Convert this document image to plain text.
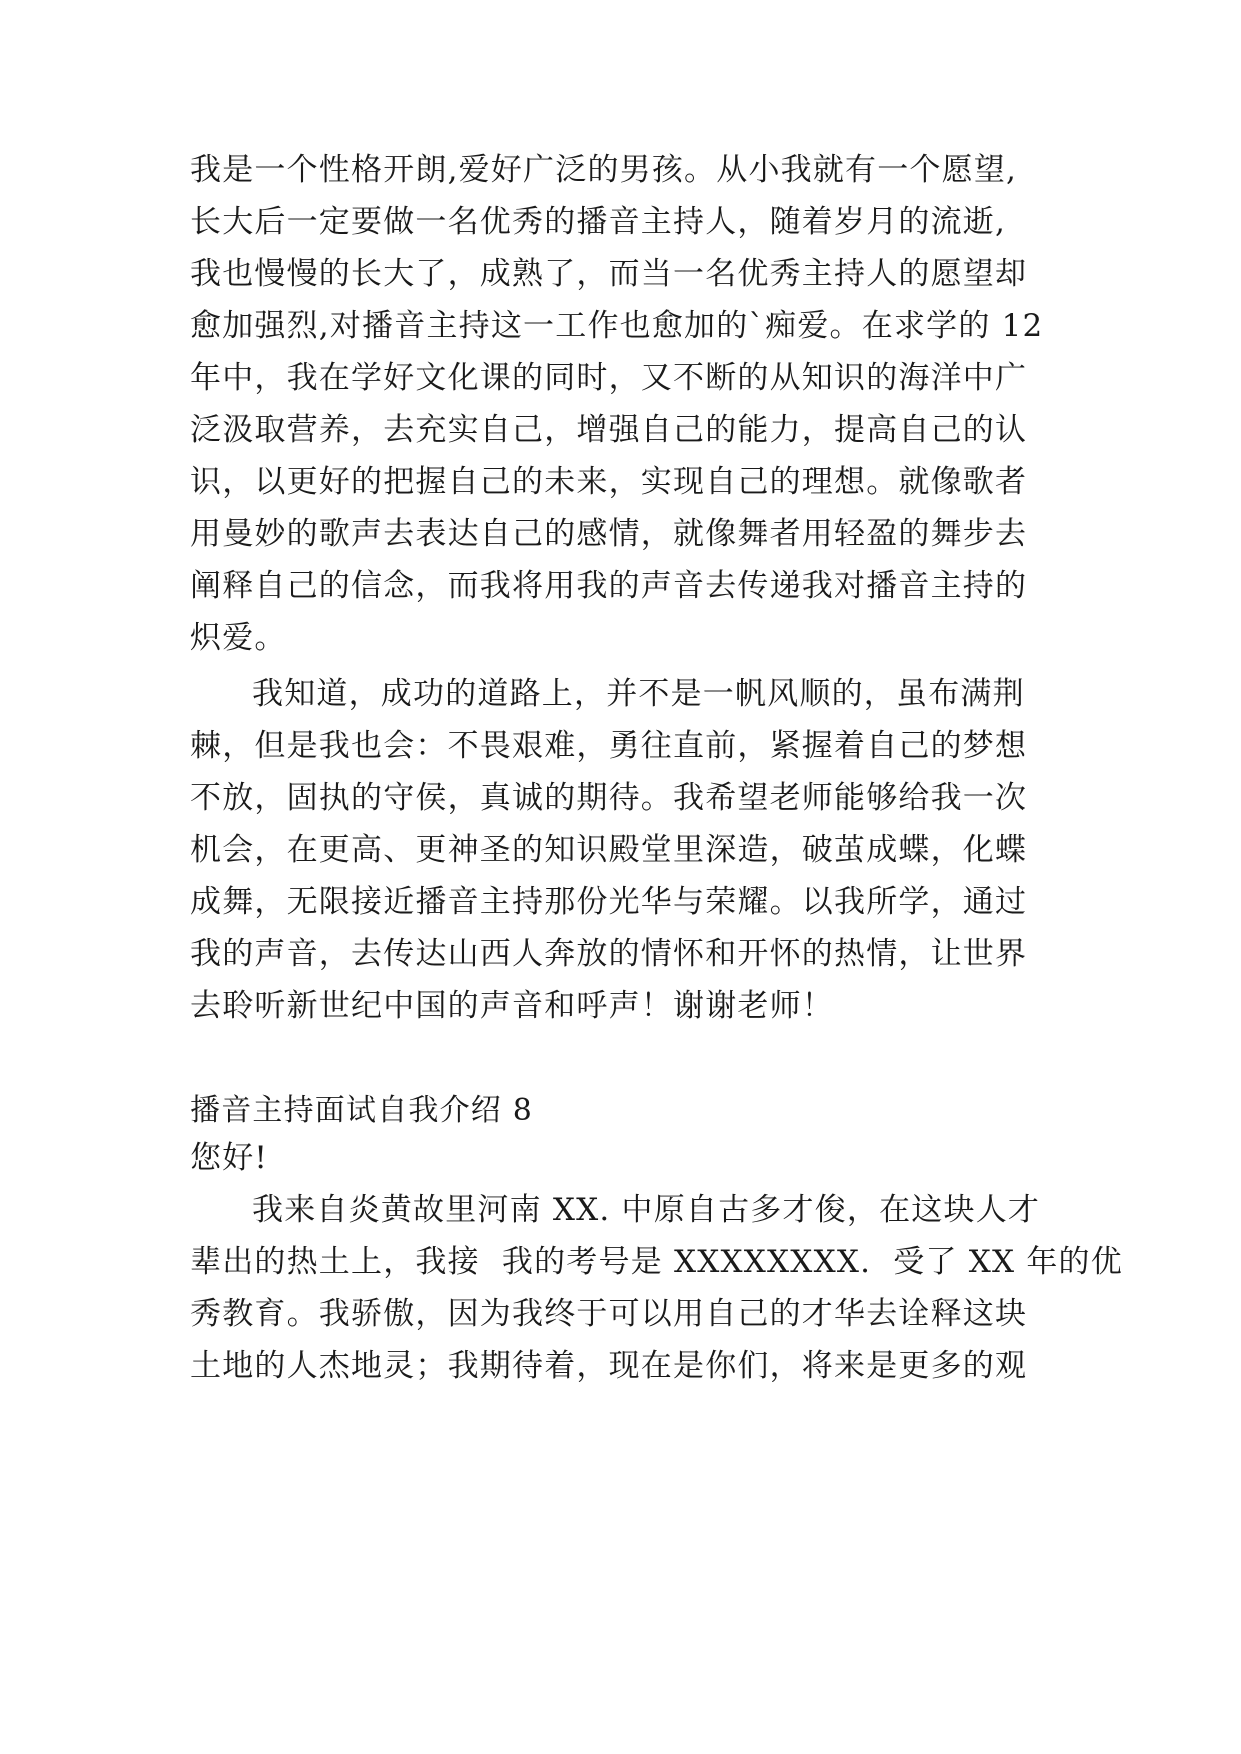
我是一个性格开朗,爱好广泛的男孩。从小我就有一个愿望,
长大后一定要做一名优秀的播音主持人，随着岁月的流逝,
我也慢慢的长大了，成熟了，而当一名优秀主持人的愿望却
愈加强烈,对播音主持这一工作也愈加的`痴爱。在求学的 12
年中，我在学好文化课的同时，又不断的从知识的海洋中广
泛汲取营养，去充实自己，增强自己的能力，提高自己的认
识，以更好的把握自己的未来，实现自己的理想。就像歌者
用曼妙的歌声去表达自己的感情，就像舞者用轻盈的舞步去
阐释自己的信念，而我将用我的声音去传递我对播音主持的
炽爱。
我知道，成功的道路上，并不是一帆风顺的，虽布满荆
棘，但是我也会：不畏艰难，勇往直前，紧握着自己的梦想
不放，固执的守侯，真诚的期待。我希望老师能够给我一次
机会，在更高、更神圣的知识殿堂里深造，破茧成蝶，化蝶
成舞，无限接近播音主持那份光华与荣耀。以我所学，通过
我的声音，去传达山西人奔放的情怀和开怀的热情，让世界
去聆听新世纪中国的声音和呼声！谢谢老师！
播音主持面试自我介绍 8
您好!
我来自炎黄故里河南 XX. 中原自古多才俊，在这块人才
辈出的热土上，我接  我的考号是 XXXXXXXX.  受了 XX 年的优
秀教育。我骄傲，因为我终于可以用自己的才华去诠释这块
土地的人杰地灵；我期待着，现在是你们，将来是更多的观
